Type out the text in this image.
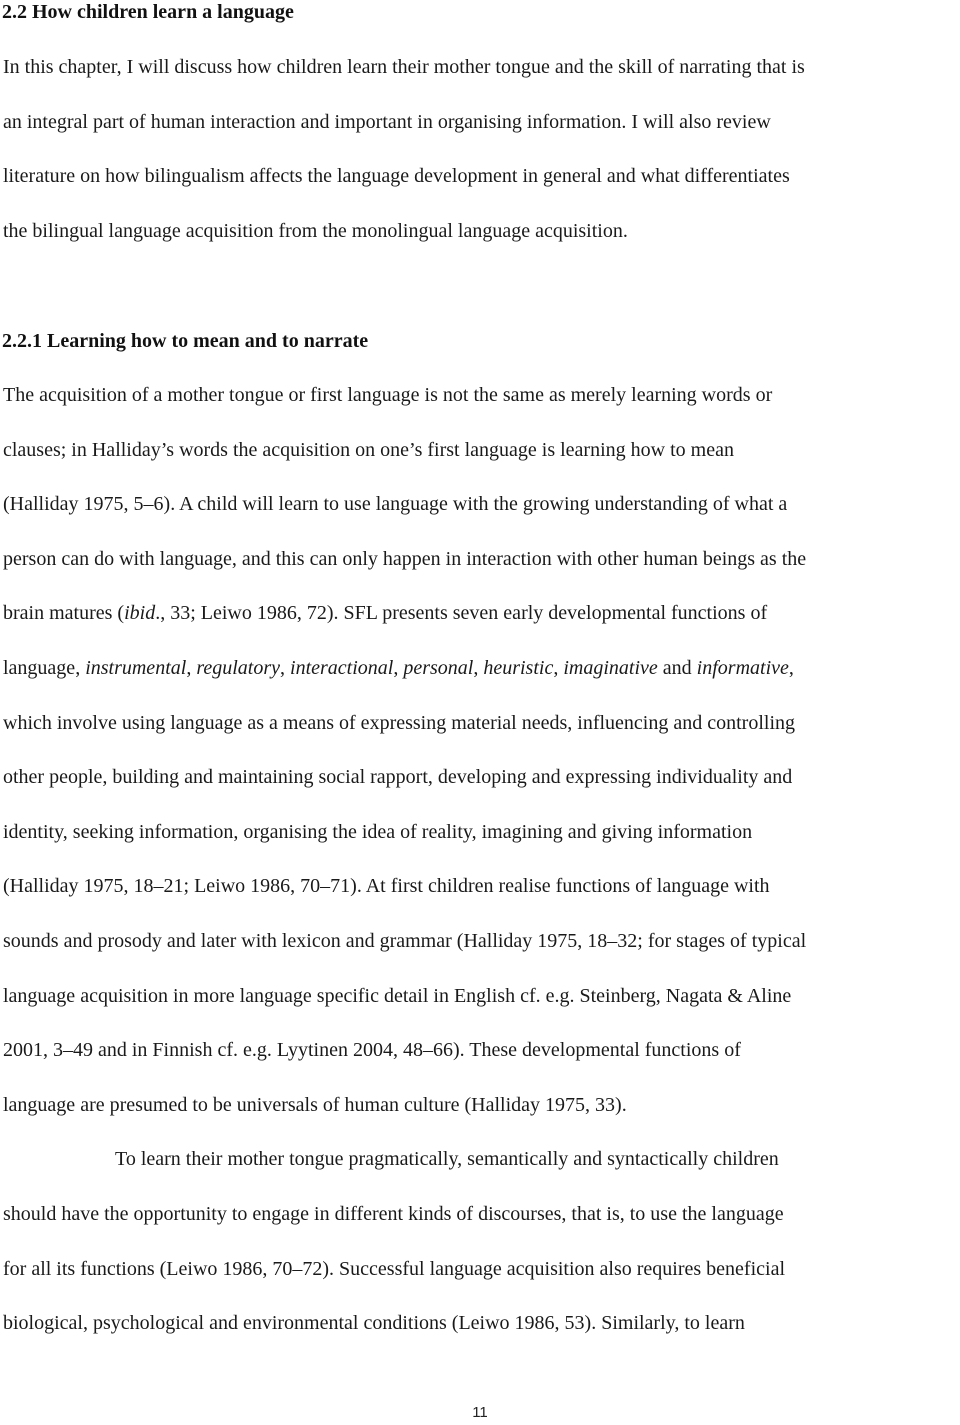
2.2 How children learn a language
In this chapter, I will discuss how children learn their mother tongue and the skill of narrating that is
an integral part of human interaction and important in organising information. I will also review
literature on how bilingualism affects the language development in general and what differentiates
the bilingual language acquisition from the monolingual language acquisition.
2.2.1 Learning how to mean and to narrate
The acquisition of a mother tongue or first language is not the same as merely learning words or
clauses; in Halliday’s words the acquisition on one’s first language is learning how to mean
(Halliday 1975, 5–6). A child will learn to use language with the growing understanding of what a
person can do with language, and this can only happen in interaction with other human beings as the
brain matures (ibid., 33; Leiwo 1986, 72). SFL presents seven early developmental functions of
language, instrumental, regulatory, interactional, personal, heuristic, imaginative and informative,
which involve using language as a means of expressing material needs, influencing and controlling
other people, building and maintaining social rapport, developing and expressing individuality and
identity, seeking information, organising the idea of reality, imagining and giving information
(Halliday 1975, 18–21; Leiwo 1986, 70–71). At first children realise functions of language with
sounds and prosody and later with lexicon and grammar (Halliday 1975, 18–32; for stages of typical
language acquisition in more language specific detail in English cf. e.g. Steinberg, Nagata & Aline
2001, 3–49 and in Finnish cf. e.g. Lyytinen 2004, 48–66). These developmental functions of
language are presumed to be universals of human culture (Halliday 1975, 33).
To learn their mother tongue pragmatically, semantically and syntactically children
should have the opportunity to engage in different kinds of discourses, that is, to use the language
for all its functions (Leiwo 1986, 70–72). Successful language acquisition also requires beneficial
biological, psychological and environmental conditions (Leiwo 1986, 53). Similarly, to learn
11
